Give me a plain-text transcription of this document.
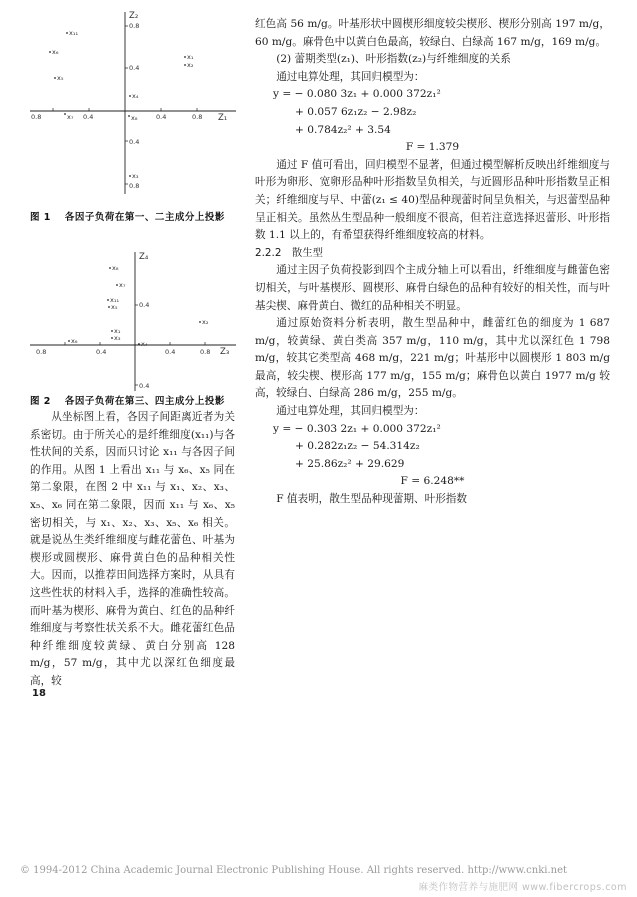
Z₂
Z₁
0.8	0.4	0.4	0.8
0.8
0.4
0.4
0.8
x₁₁
x₆
x₅
x₁
x₂
x₄
x₇	x₈
x₃
图 1 各因子负荷在第一、二主成分上投影
Z₄
Z₃
0.8	0.4	0.4	0.8
0.4
0.4
x₈
x₁₁
x₅
x₇
x₁
x₃
x₆	x₄
x₂
图 2 各因子负荷在第三、四主成分上投影

从坐标图上看，各因子间距离近者为关系密切。由于所关心的是纤维细度(x₁₁)与各性状间的关系，因而只讨论 x₁₁ 与各因子间的作用。从图 1 上看出 x₁₁ 与 x₆、x₅ 同在第二象限，在图 2 中 x₁₁ 与 x₁、x₂、x₃、x₅、x₆ 同在第二象限，因而 x₁₁ 与 x₆、x₅ 密切相关，与 x₁、x₂、x₃、x₅、x₆ 相关。就是说丛生类纤维细度与雌花蕾色、叶基为楔形或圆楔形、麻骨黄白色的品种相关性大。因而，以推荐田间选择方案时，从具有这些性状的材料入手，选择的准确性较高。而叶基为楔形、麻骨为黄白、红色的品种纤维细度与考察性状关系不大。雌花蕾红色品种纤维细度较黄绿、黄白分别高 128 m/g，57 m/g，其中尤以深红色细度最高，较

18

红色高 56 m/g。叶基形状中圆楔形细度较尖楔形、楔形分别高 197 m/g，60 m/g。麻骨色中以黄白色最高，较绿白、白绿高 167 m/g，169 m/g。

(2) 蕾期类型(z₁)、叶形指数(z₂)与纤维细度的关系

通过电算处理，其回归模型为：

y = − 0.080 3z₁ + 0.000 372z₁²

+ 0.057 6z₁z₂ − 2.98z₂

+ 0.784z₂² + 3.54

F = 1.379

通过 F 值可看出，回归模型不显著，但通过模型解析反映出纤维细度与叶形为卵形、宽卵形品种叶形指数呈负相关，与近圆形品种叶形指数呈正相关；纤维细度与早、中蕾(z₁ ≤ 40)型品种现蕾时间呈负相关，与迟蕾型品种呈正相关。虽然丛生型品种一般细度不很高，但若注意选择迟蕾形、叶形指数 1.1 以上的，有希望获得纤维细度较高的材料。

2.2.2　散生型

通过主因子负荷投影到四个主成分轴上可以看出，纤维细度与雌蕾色密切相关，与叶基楔形、圆楔形、麻骨白绿色的品种有较好的相关性，而与叶基尖楔、麻骨黄白、微红的品种相关不明显。

通过原始资料分析表明，散生型品种中，雌蕾红色的细度为 1 687 m/g，较黄绿、黄白类高 357 m/g，110 m/g，其中尤以深红色 1 798 m/g，较其它类型高 468 m/g，221 m/g；叶基形中以圆楔形 1 803 m/g 最高，较尖楔、楔形高 177 m/g，155 m/g；麻骨色以黄白 1977 m/g 较高，较绿白、白绿高 286 m/g，255 m/g。

通过电算处理，其回归模型为：

y = − 0.303 2z₁ + 0.000 372z₁²

+ 0.282z₁z₂ − 54.314z₂

+ 25.86z₂² + 29.629

F = 6.248**

F 值表明，散生型品种现蕾期、叶形指数

© 1994-2012 China Academic Journal Electronic Publishing House. All rights reserved. http://www.cnki.net
麻类作物营养与施肥网 www.fibercrops.com
